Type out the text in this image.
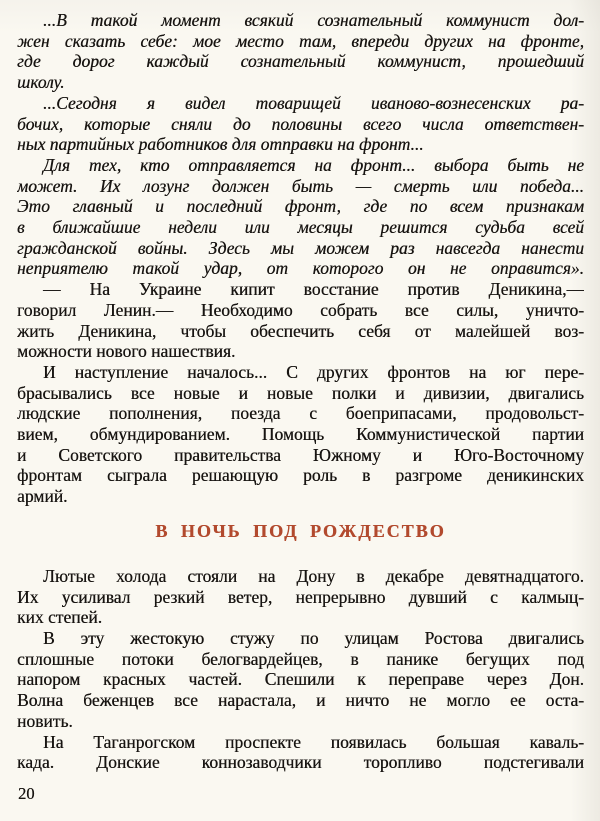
...В такой момент всякий сознательный коммунист дол-
жен сказать себе: мое место там, впереди других на фронте,
где дорог каждый сознательный коммунист, прошедший
школу.
...Сегодня я видел товарищей иваново-вознесенских ра-
бочих, которые сняли до половины всего числа ответствен-
ных партийных работников для отправки на фронт...
Для тех, кто отправляется на фронт... выбора быть не
может. Их лозунг должен быть — смерть или победа...
Это главный и последний фронт, где по всем признакам
в ближайшие недели или месяцы решится судьба всей
гражданской войны. Здесь мы можем раз навсегда нанести
неприятелю такой удар, от которого он не оправится».
— На Украине кипит восстание против Деникина,—
говорил Ленин.— Необходимо собрать все силы, уничто-
жить Деникина, чтобы обеспечить себя от малейшей воз-
можности нового нашествия.
И наступление началось... С других фронтов на юг пере-
брасывались все новые и новые полки и дивизии, двигались
людские пополнения, поезда с боеприпасами, продовольст-
вием, обмундированием. Помощь Коммунистической партии
и Советского правительства Южному и Юго-Восточному
фронтам сыграла решающую роль в разгроме деникинских
армий.
В НОЧЬ ПОД РОЖДЕСТВО
Лютые холода стояли на Дону в декабре девятнадцатого.
Их усиливал резкий ветер, непрерывно дувший с калмыц-
ких степей.
В эту жестокую стужу по улицам Ростова двигались
сплошные потоки белогвардейцев, в панике бегущих под
напором красных частей. Спешили к переправе через Дон.
Волна беженцев все нарастала, и ничто не могло ее оста-
новить.
На Таганрогском проспекте появилась большая каваль-
када. Донские коннозаводчики торопливо подстегивали
20
